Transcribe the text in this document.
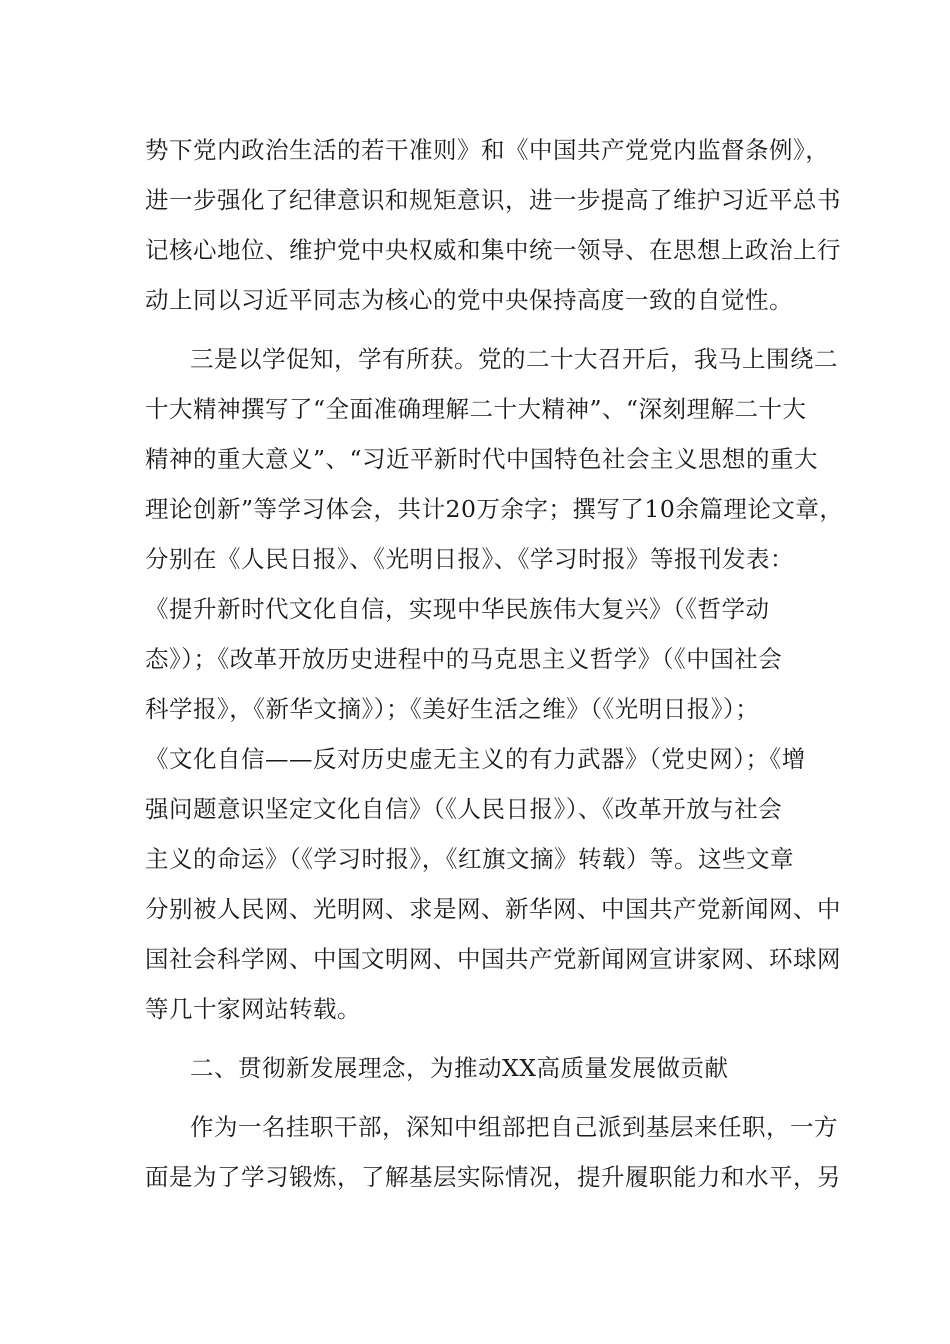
势下党内政治生活的若干准则》和《中国共产党党内监督条例》，
进一步强化了纪律意识和规矩意识，进一步提高了维护习近平总书
记核心地位、维护党中央权威和集中统一领导、在思想上政治上行
动上同以习近平同志为核心的党中央保持高度一致的自觉性。
三是以学促知，学有所获。党的二十大召开后，我马上围绕二
十大精神撰写了“全面准确理解二十大精神”、“深刻理解二十大
精神的重大意义”、“习近平新时代中国特色社会主义思想的重大
理论创新”等学习体会，共计20万余字；撰写了10余篇理论文章，
分别在《人民日报》、《光明日报》、《学习时报》等报刊发表：
《提升新时代文化自信，实现中华民族伟大复兴》（《哲学动
态》）；《改革开放历史进程中的马克思主义哲学》（《中国社会
科学报》，《新华文摘》）；《美好生活之维》（《光明日报》）；
《文化自信——反对历史虚无主义的有力武器》（党史网）；《增
强问题意识坚定文化自信》（《人民日报》）、《改革开放与社会
主义的命运》（《学习时报》，《红旗文摘》转载）等。这些文章
分别被人民网、光明网、求是网、新华网、中国共产党新闻网、中
国社会科学网、中国文明网、中国共产党新闻网宣讲家网、环球网
等几十家网站转载。
二、贯彻新发展理念，为推动XX高质量发展做贡献
作为一名挂职干部，深知中组部把自己派到基层来任职，一方
面是为了学习锻炼，了解基层实际情况，提升履职能力和水平，另
